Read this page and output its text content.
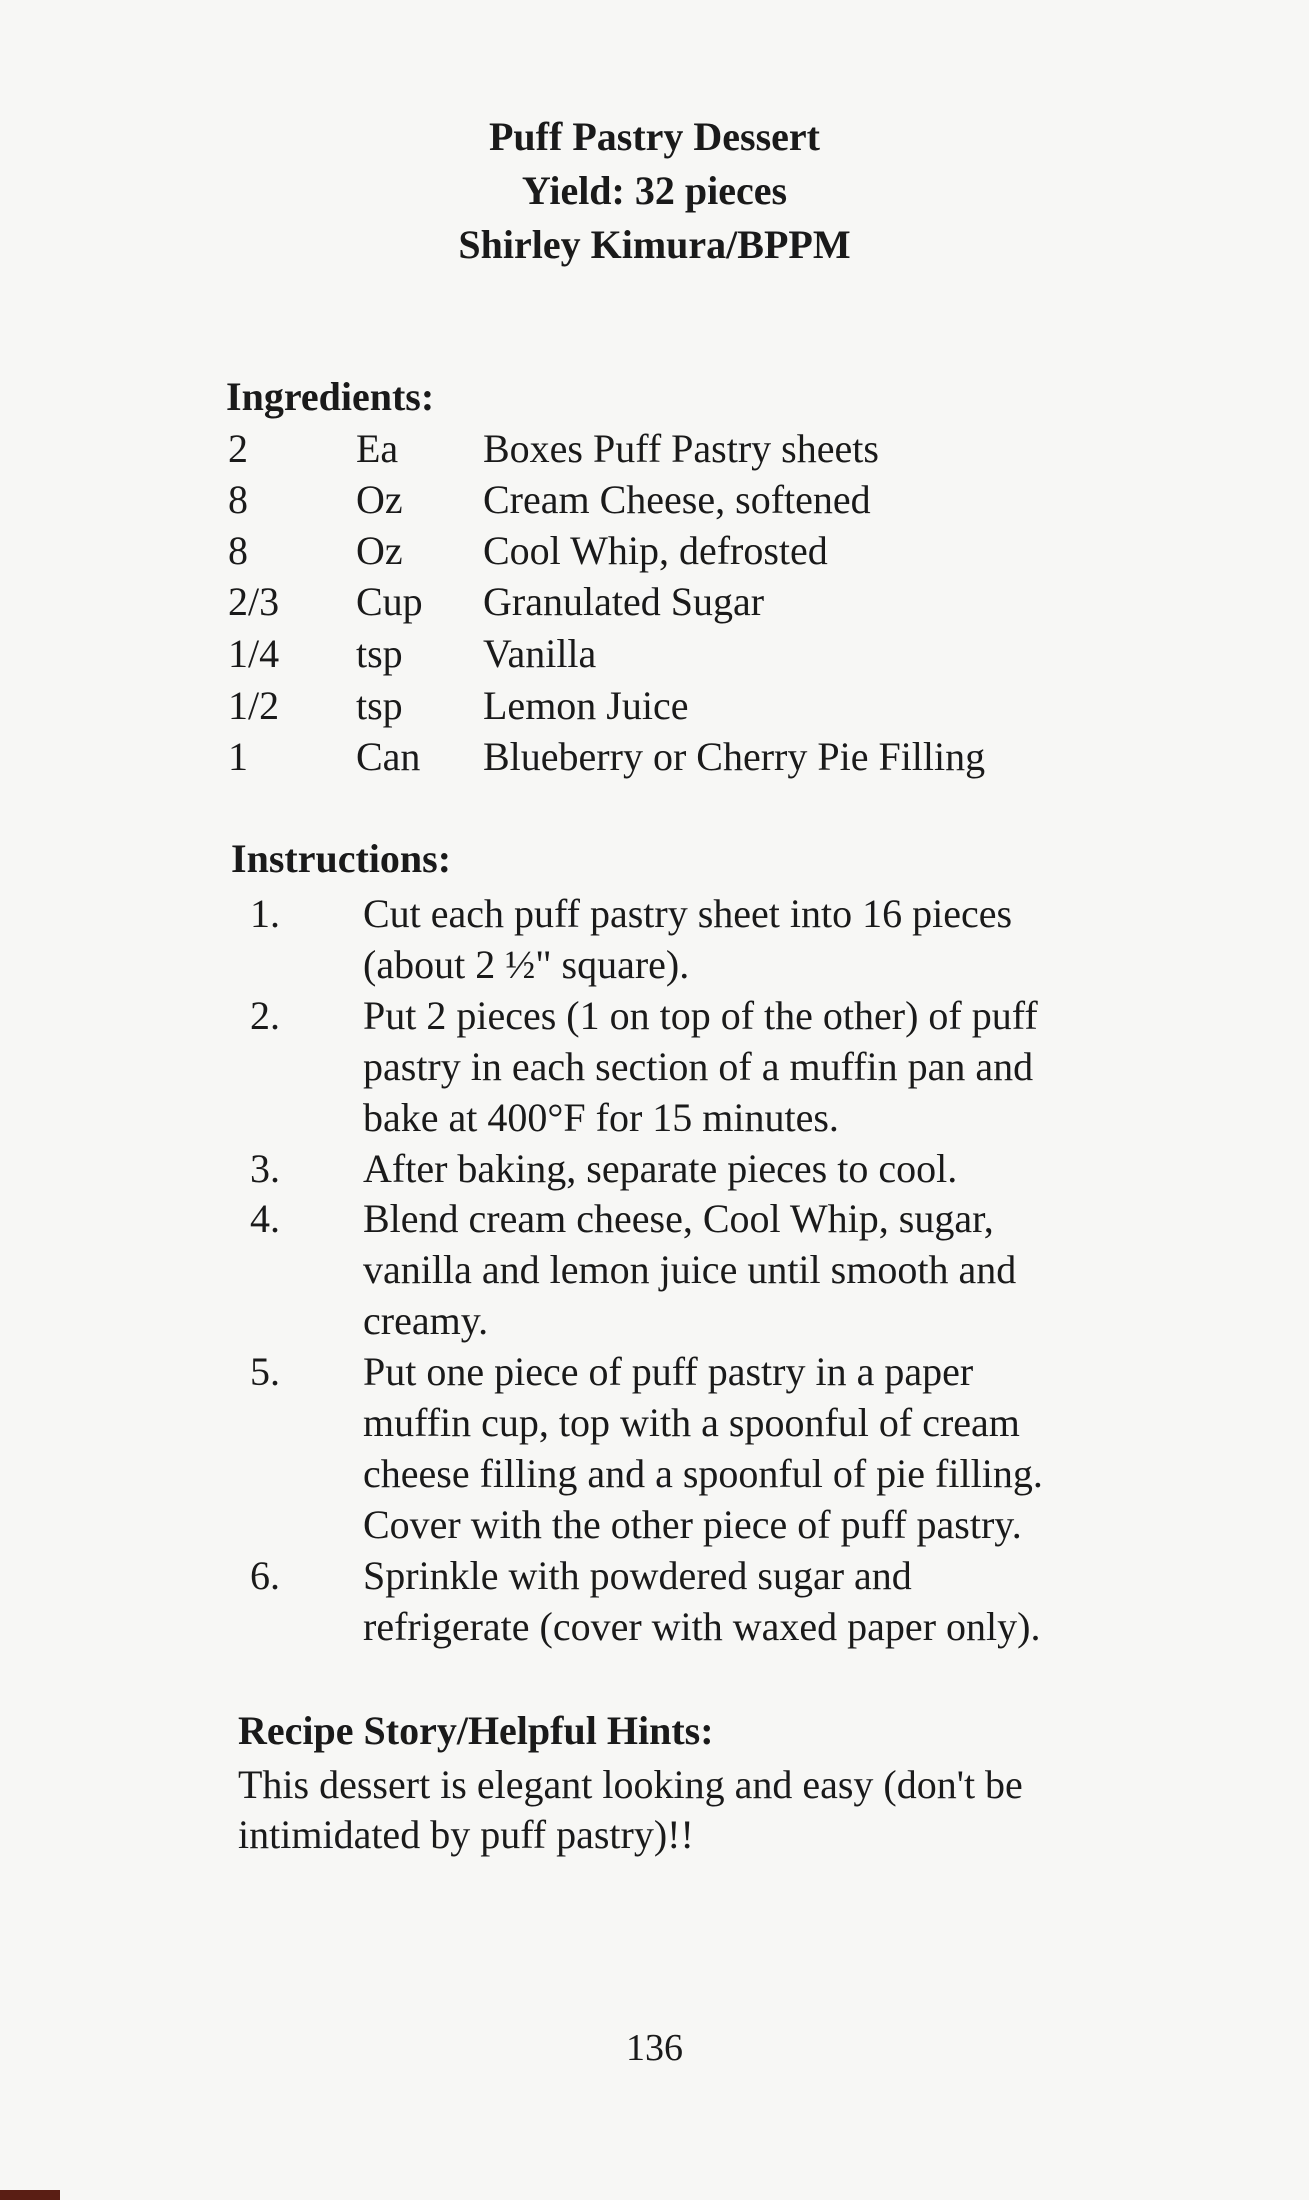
Puff Pastry Dessert
Yield: 32 pieces
Shirley Kimura/BPPM
Ingredients:
2	Ea Boxes Puff Pastry sheets
8	Oz Cream Cheese, softened
8	Oz Cool Whip, defrosted
2/3 Cup Granulated Sugar
1/4 tsp Vanilla
1/2 tsp Lemon Juice
1	Can Blueberry or Cherry Pie Filling
Instructions:
1. Cut each puff pastry sheet into 16 pieces
(about 2 ½" square).
2. Put 2 pieces (1 on top of the other) of puff
pastry in each section of a muffin pan and
bake at 400°F for 15 minutes.
3. After baking, separate pieces to cool.
4. Blend cream cheese, Cool Whip, sugar,
vanilla and lemon juice until smooth and
creamy.
5. Put one piece of puff pastry in a paper
muffin cup, top with a spoonful of cream
cheese filling and a spoonful of pie filling.
Cover with the other piece of puff pastry.
6. Sprinkle with powdered sugar and
refrigerate (cover with waxed paper only).
Recipe Story/Helpful Hints:
This dessert is elegant looking and easy (don't be
intimidated by puff pastry)!!
136
